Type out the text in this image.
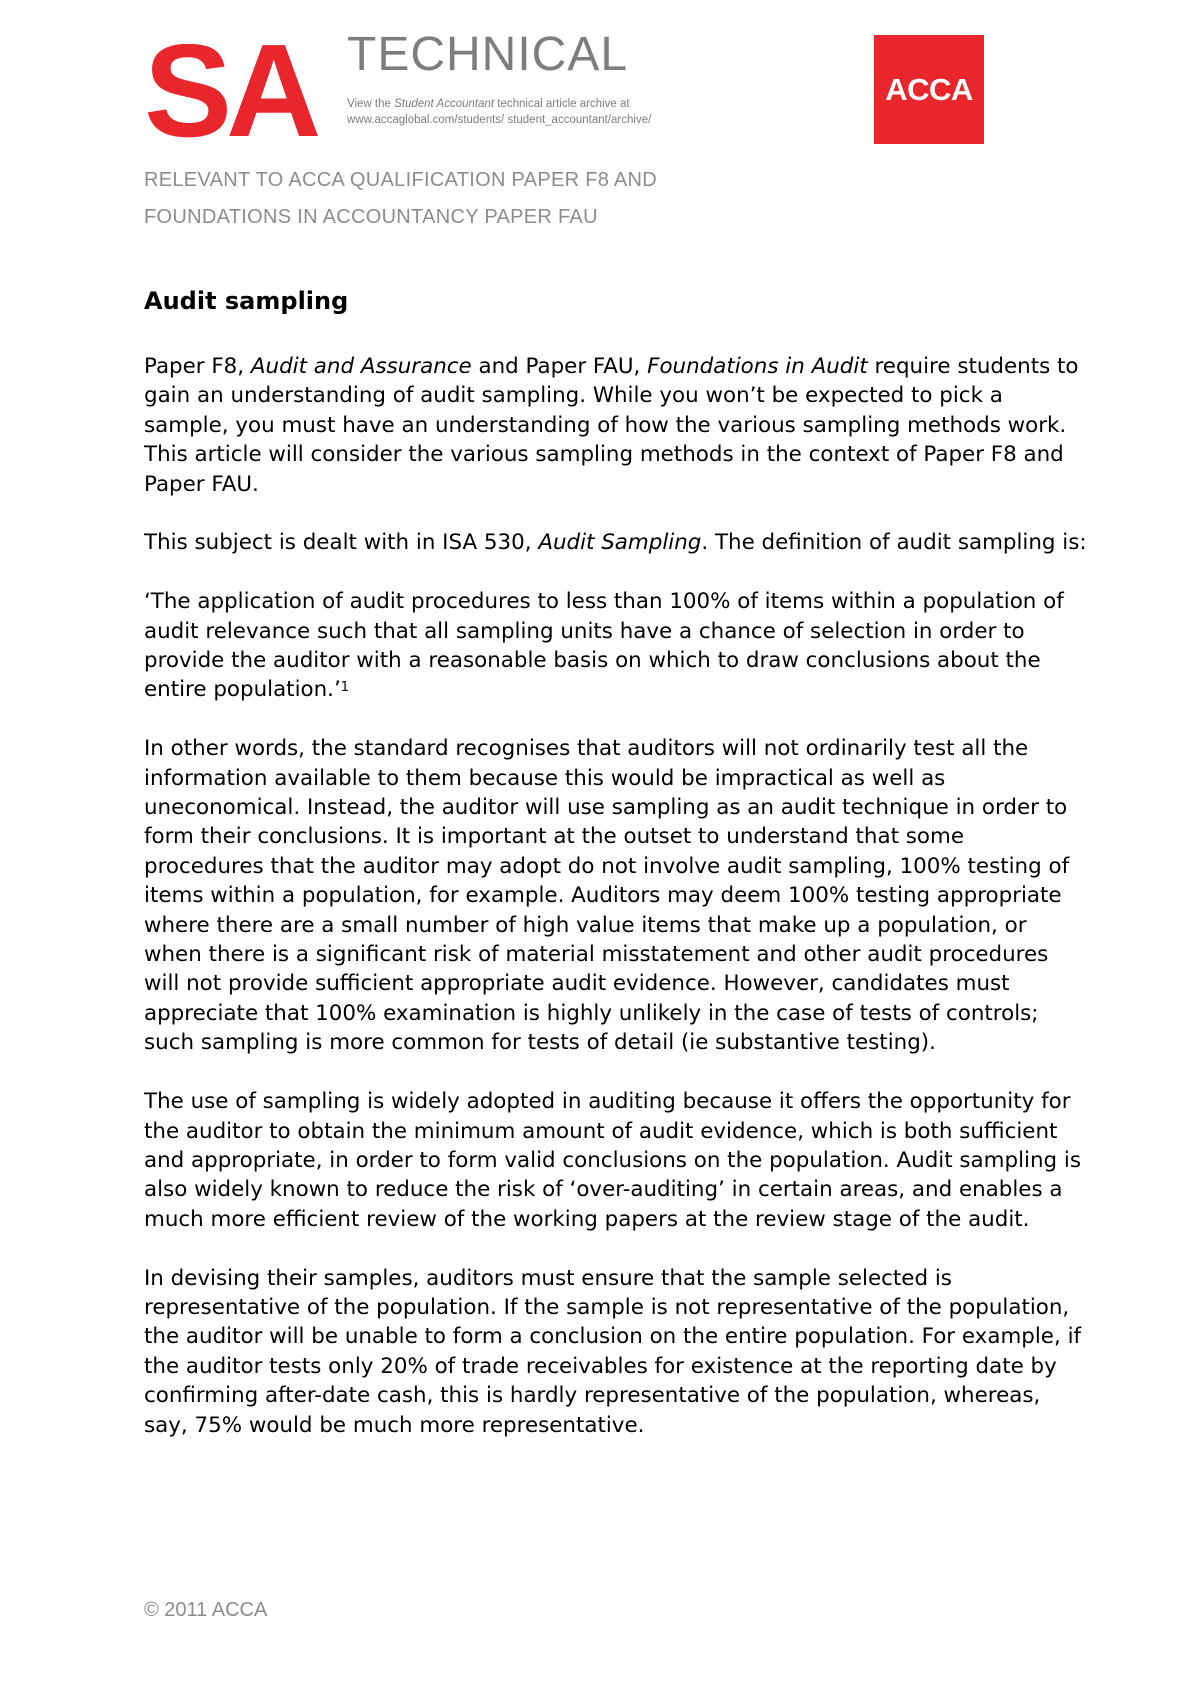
SA TECHNICAL
View the Student Accountant technical article archive at www.accaglobal.com/students/ student_accountant/archive/
ACCA
RELEVANT TO ACCA QUALIFICATION PAPER F8 AND
FOUNDATIONS IN ACCOUNTANCY PAPER FAU
Audit sampling

Paper F8, Audit and Assurance and Paper FAU, Foundations in Audit require students to gain an understanding of audit sampling. While you won’t be expected to pick a sample, you must have an understanding of how the various sampling methods work. This article will consider the various sampling methods in the context of Paper F8 and Paper FAU.

This subject is dealt with in ISA 530, Audit Sampling. The definition of audit sampling is:

‘The application of audit procedures to less than 100% of items within a population of audit relevance such that all sampling units have a chance of selection in order to provide the auditor with a reasonable basis on which to draw conclusions about the entire population.’$^1$

In other words, the standard recognises that auditors will not ordinarily test all the information available to them because this would be impractical as well as uneconomical. Instead, the auditor will use sampling as an audit technique in order to form their conclusions. It is important at the outset to understand that some procedures that the auditor may adopt do not involve audit sampling, 100% testing of items within a population, for example. Auditors may deem 100% testing appropriate where there are a small number of high value items that make up a population, or when there is a significant risk of material misstatement and other audit procedures will not provide sufficient appropriate audit evidence. However, candidates must appreciate that 100% examination is highly unlikely in the case of tests of controls; such sampling is more common for tests of detail (ie substantive testing).

The use of sampling is widely adopted in auditing because it offers the opportunity for the auditor to obtain the minimum amount of audit evidence, which is both sufficient and appropriate, in order to form valid conclusions on the population. Audit sampling is also widely known to reduce the risk of ‘over-auditing’ in certain areas, and enables a much more efficient review of the working papers at the review stage of the audit.

In devising their samples, auditors must ensure that the sample selected is representative of the population. If the sample is not representative of the population, the auditor will be unable to form a conclusion on the entire population. For example, if the auditor tests only 20% of trade receivables for existence at the reporting date by confirming after-date cash, this is hardly representative of the population, whereas, say, 75% would be much more representative.

© 2011 ACCA
